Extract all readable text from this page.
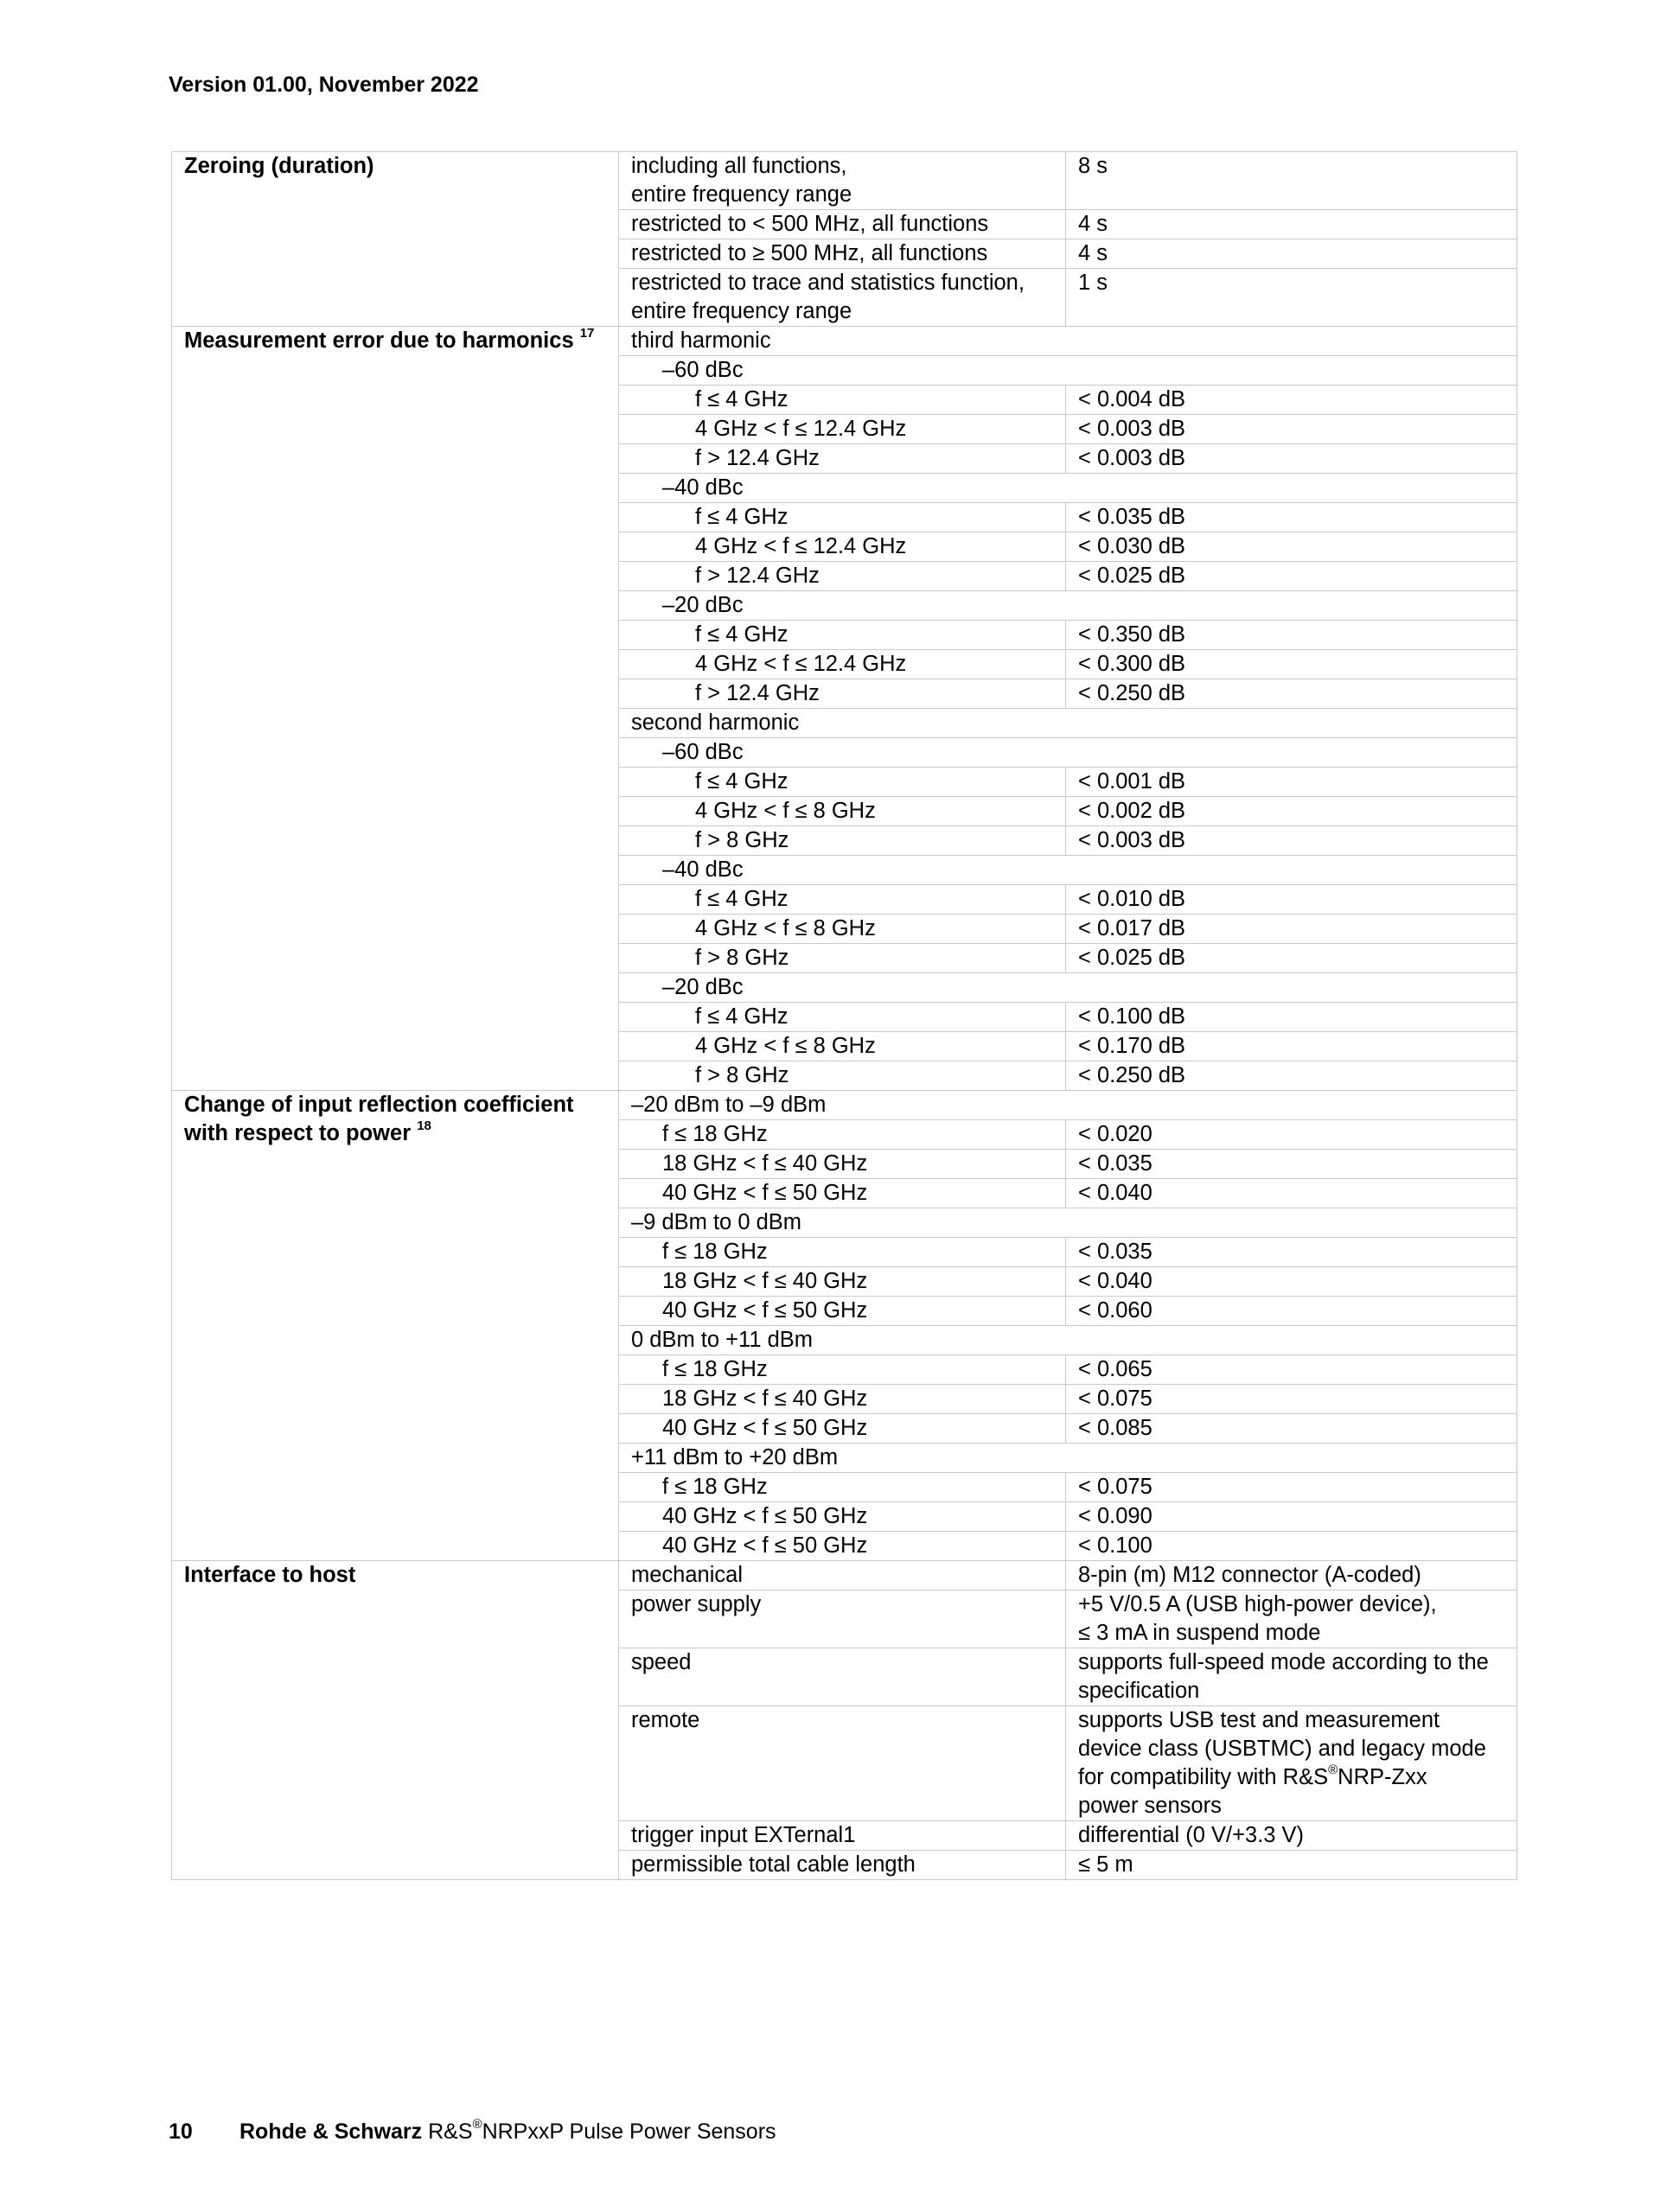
Version 01.00, November 2022
Zeroing (duration)	including all functions,
entire frequency range	8 s
	restricted to < 500 MHz, all functions	4 s
	restricted to ≥ 500 MHz, all functions	4 s
	restricted to trace and statistics function,
entire frequency range	1 s
Measurement error due to harmonics $^{17}$	third harmonic	
	–60 dBc	
	f ≤ 4 GHz	< 0.004 dB
	4 GHz < f ≤ 12.4 GHz	< 0.003 dB
	f > 12.4 GHz	< 0.003 dB
	–40 dBc	
	f ≤ 4 GHz	< 0.035 dB
	4 GHz < f ≤ 12.4 GHz	< 0.030 dB
	f > 12.4 GHz	< 0.025 dB
	–20 dBc	
	f ≤ 4 GHz	< 0.350 dB
	4 GHz < f ≤ 12.4 GHz	< 0.300 dB
	f > 12.4 GHz	< 0.250 dB
	second harmonic	
	–60 dBc	
	f ≤ 4 GHz	< 0.001 dB
	4 GHz < f ≤ 8 GHz	< 0.002 dB
	f > 8 GHz	< 0.003 dB
	–40 dBc	
	f ≤ 4 GHz	< 0.010 dB
	4 GHz < f ≤ 8 GHz	< 0.017 dB
	f > 8 GHz	< 0.025 dB
	–20 dBc	
	f ≤ 4 GHz	< 0.100 dB
	4 GHz < f ≤ 8 GHz	< 0.170 dB
	f > 8 GHz	< 0.250 dB
Change of input reflection coefficient
with respect to power $^{18}$	–20 dBm to –9 dBm	
	f ≤ 18 GHz	< 0.020
	18 GHz < f ≤ 40 GHz	< 0.035
	40 GHz < f ≤ 50 GHz	< 0.040
	–9 dBm to 0 dBm	
	f ≤ 18 GHz	< 0.035
	18 GHz < f ≤ 40 GHz	< 0.040
	40 GHz < f ≤ 50 GHz	< 0.060
	0 dBm to +11 dBm	
	f ≤ 18 GHz	< 0.065
	18 GHz < f ≤ 40 GHz	< 0.075
	40 GHz < f ≤ 50 GHz	< 0.085
	+11 dBm to +20 dBm	
	f ≤ 18 GHz	< 0.075
	40 GHz < f ≤ 50 GHz	< 0.090
	40 GHz < f ≤ 50 GHz	< 0.100
Interface to host	mechanical	8-pin (m) M12 connector (A-coded)
	power supply	+5 V/0.5 A (USB high-power device),
≤ 3 mA in suspend mode
	speed	supports full-speed mode according to the
specification
	remote	supports USB test and measurement
device class (USBTMC) and legacy mode
for compatibility with R&S®NRP-Zxx
power sensors
	trigger input EXTernal1	differential (0 V/+3.3 V)
	permissible total cable length	≤ 5 m
10 Rohde & Schwarz R&S®NRPxxP Pulse Power Sensors
